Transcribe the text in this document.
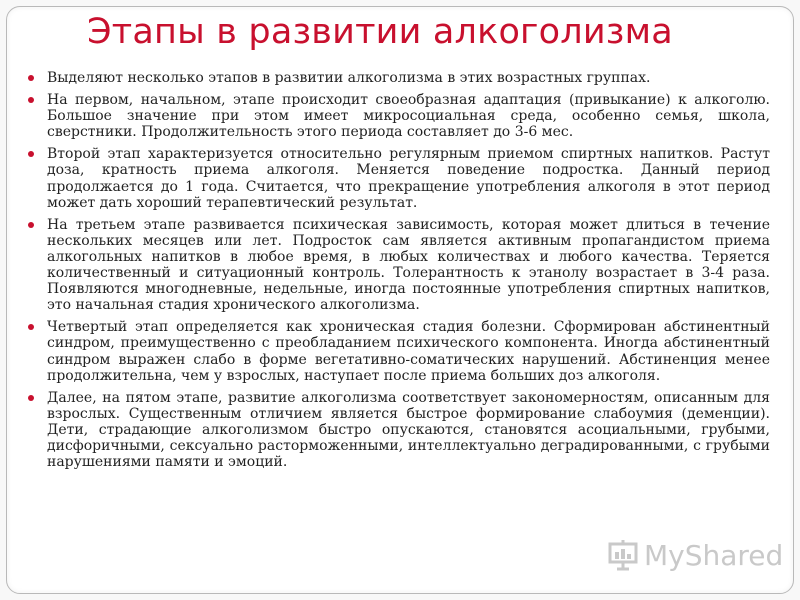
Этапы в развитии алкоголизма
Выделяют несколько этапов в развитии алкоголизма в этих возрастных группах.
На первом, начальном, этапе происходит своеобразная адаптация (привыкание) к алкоголю. Большое значение при этом имеет микросоциальная среда, особенно семья, школа, сверстники. Продолжительность этого периода составляет до 3-6 мес.
Второй этап характеризуется относительно регулярным приемом спиртных напитков. Растут доза, кратность приема алкоголя. Меняется поведение подростка. Данный период продолжается до 1 года. Считается, что прекращение употребления алкоголя в этот период может дать хороший терапевтический результат.
На третьем этапе развивается психическая зависимость, которая может длиться в течение нескольких месяцев или лет. Подросток сам является активным пропагандистом приема алкогольных напитков в любое время, в любых количествах и любого качества. Теряется количественный и ситуационный контроль. Толерантность к этанолу возрастает в 3-4 раза. Появляются многодневные, недельные, иногда постоянные употребления спиртных напитков, это начальная стадия хронического алкоголизма.
Четвертый этап определяется как хроническая стадия болезни. Сформирован абстинентный синдром, преимущественно с преобладанием психического компонента. Иногда абстинентный синдром выражен слабо в форме вегетативно-соматических нарушений. Абстиненция менее продолжительна, чем у взрослых, наступает после приема больших доз алкоголя.
Далее, на пятом этапе, развитие алкоголизма соответствует закономерностям, описанным для взрослых. Существенным отличием является быстрое формирование слабоумия (деменции). Дети, страдающие алкоголизмом быстро опускаются, становятся асоциальными, грубыми, дисфоричными, сексуально расторможенными, интеллектуально деградированными, с грубыми нарушениями памяти и эмоций.
MyShared
